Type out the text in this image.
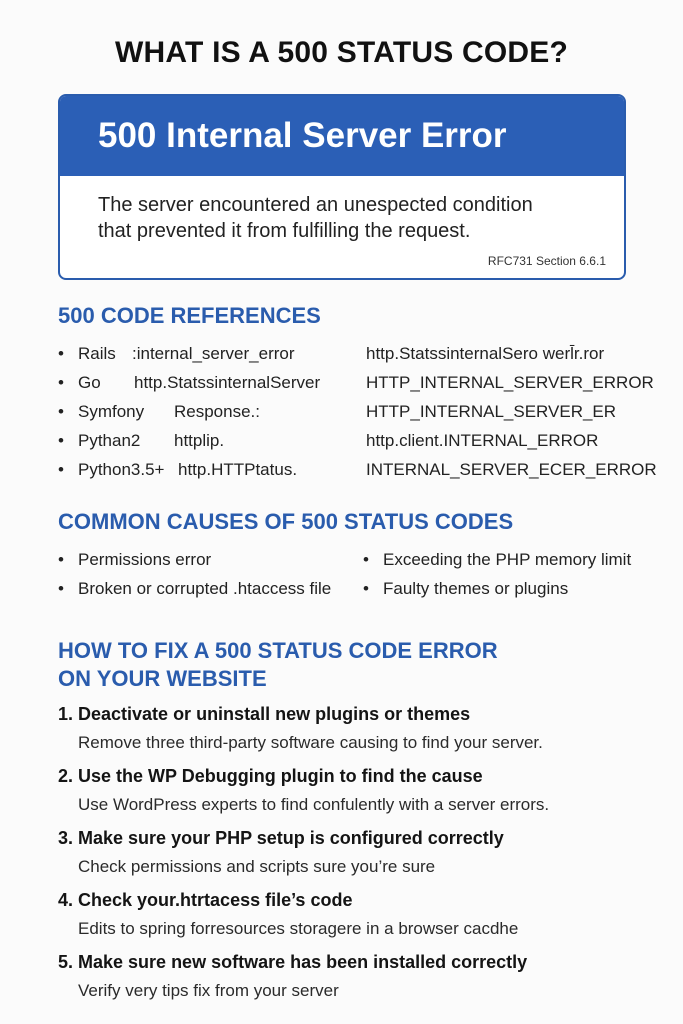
WHAT IS A 500 STATUS CODE?
500 Internal Server Error
The server encountered an unespected condition
that prevented it from fulfilling the request.
RFC731 Section 6.6.1
500 CODE REFERENCES
• Rails :internal_server_error	http.StatssinternalSero werl̄r.ror
• Go http.StatssinternalServer	HTTP_INTERNAL_SERVER_ERROR
• Symfony Response.:	HTTP_INTERNAL_SERVER_ER
• Pythan2 httplip.	http.client.INTERNAL_ERROR
• Python3.5+ http.HTTPtatus.	INTERNAL_SERVER_ECER_ERROR
COMMON CAUSES OF 500 STATUS CODES
• Permissions error
• Broken or corrupted .htaccess file
• Exceeding the PHP memory limit
• Faulty themes or plugins
HOW TO FIX A 500 STATUS CODE ERROR
ON YOUR WEBSITE
1. Deactivate or uninstall new plugins or themes
Remove three third-party software causing to find your server.
2. Use the WP Debugging plugin to find the cause
Use WordPress experts to find confulently with a server errors.
3. Make sure your PHP setup is configured correctly
Check permissions and scripts sure you’re sure
4. Check your.htrtacess file’s code
Edits to spring forresources storagere in a browser cacdhe
5. Make sure new software has been installed correctly
Verify very tips fix from your server
